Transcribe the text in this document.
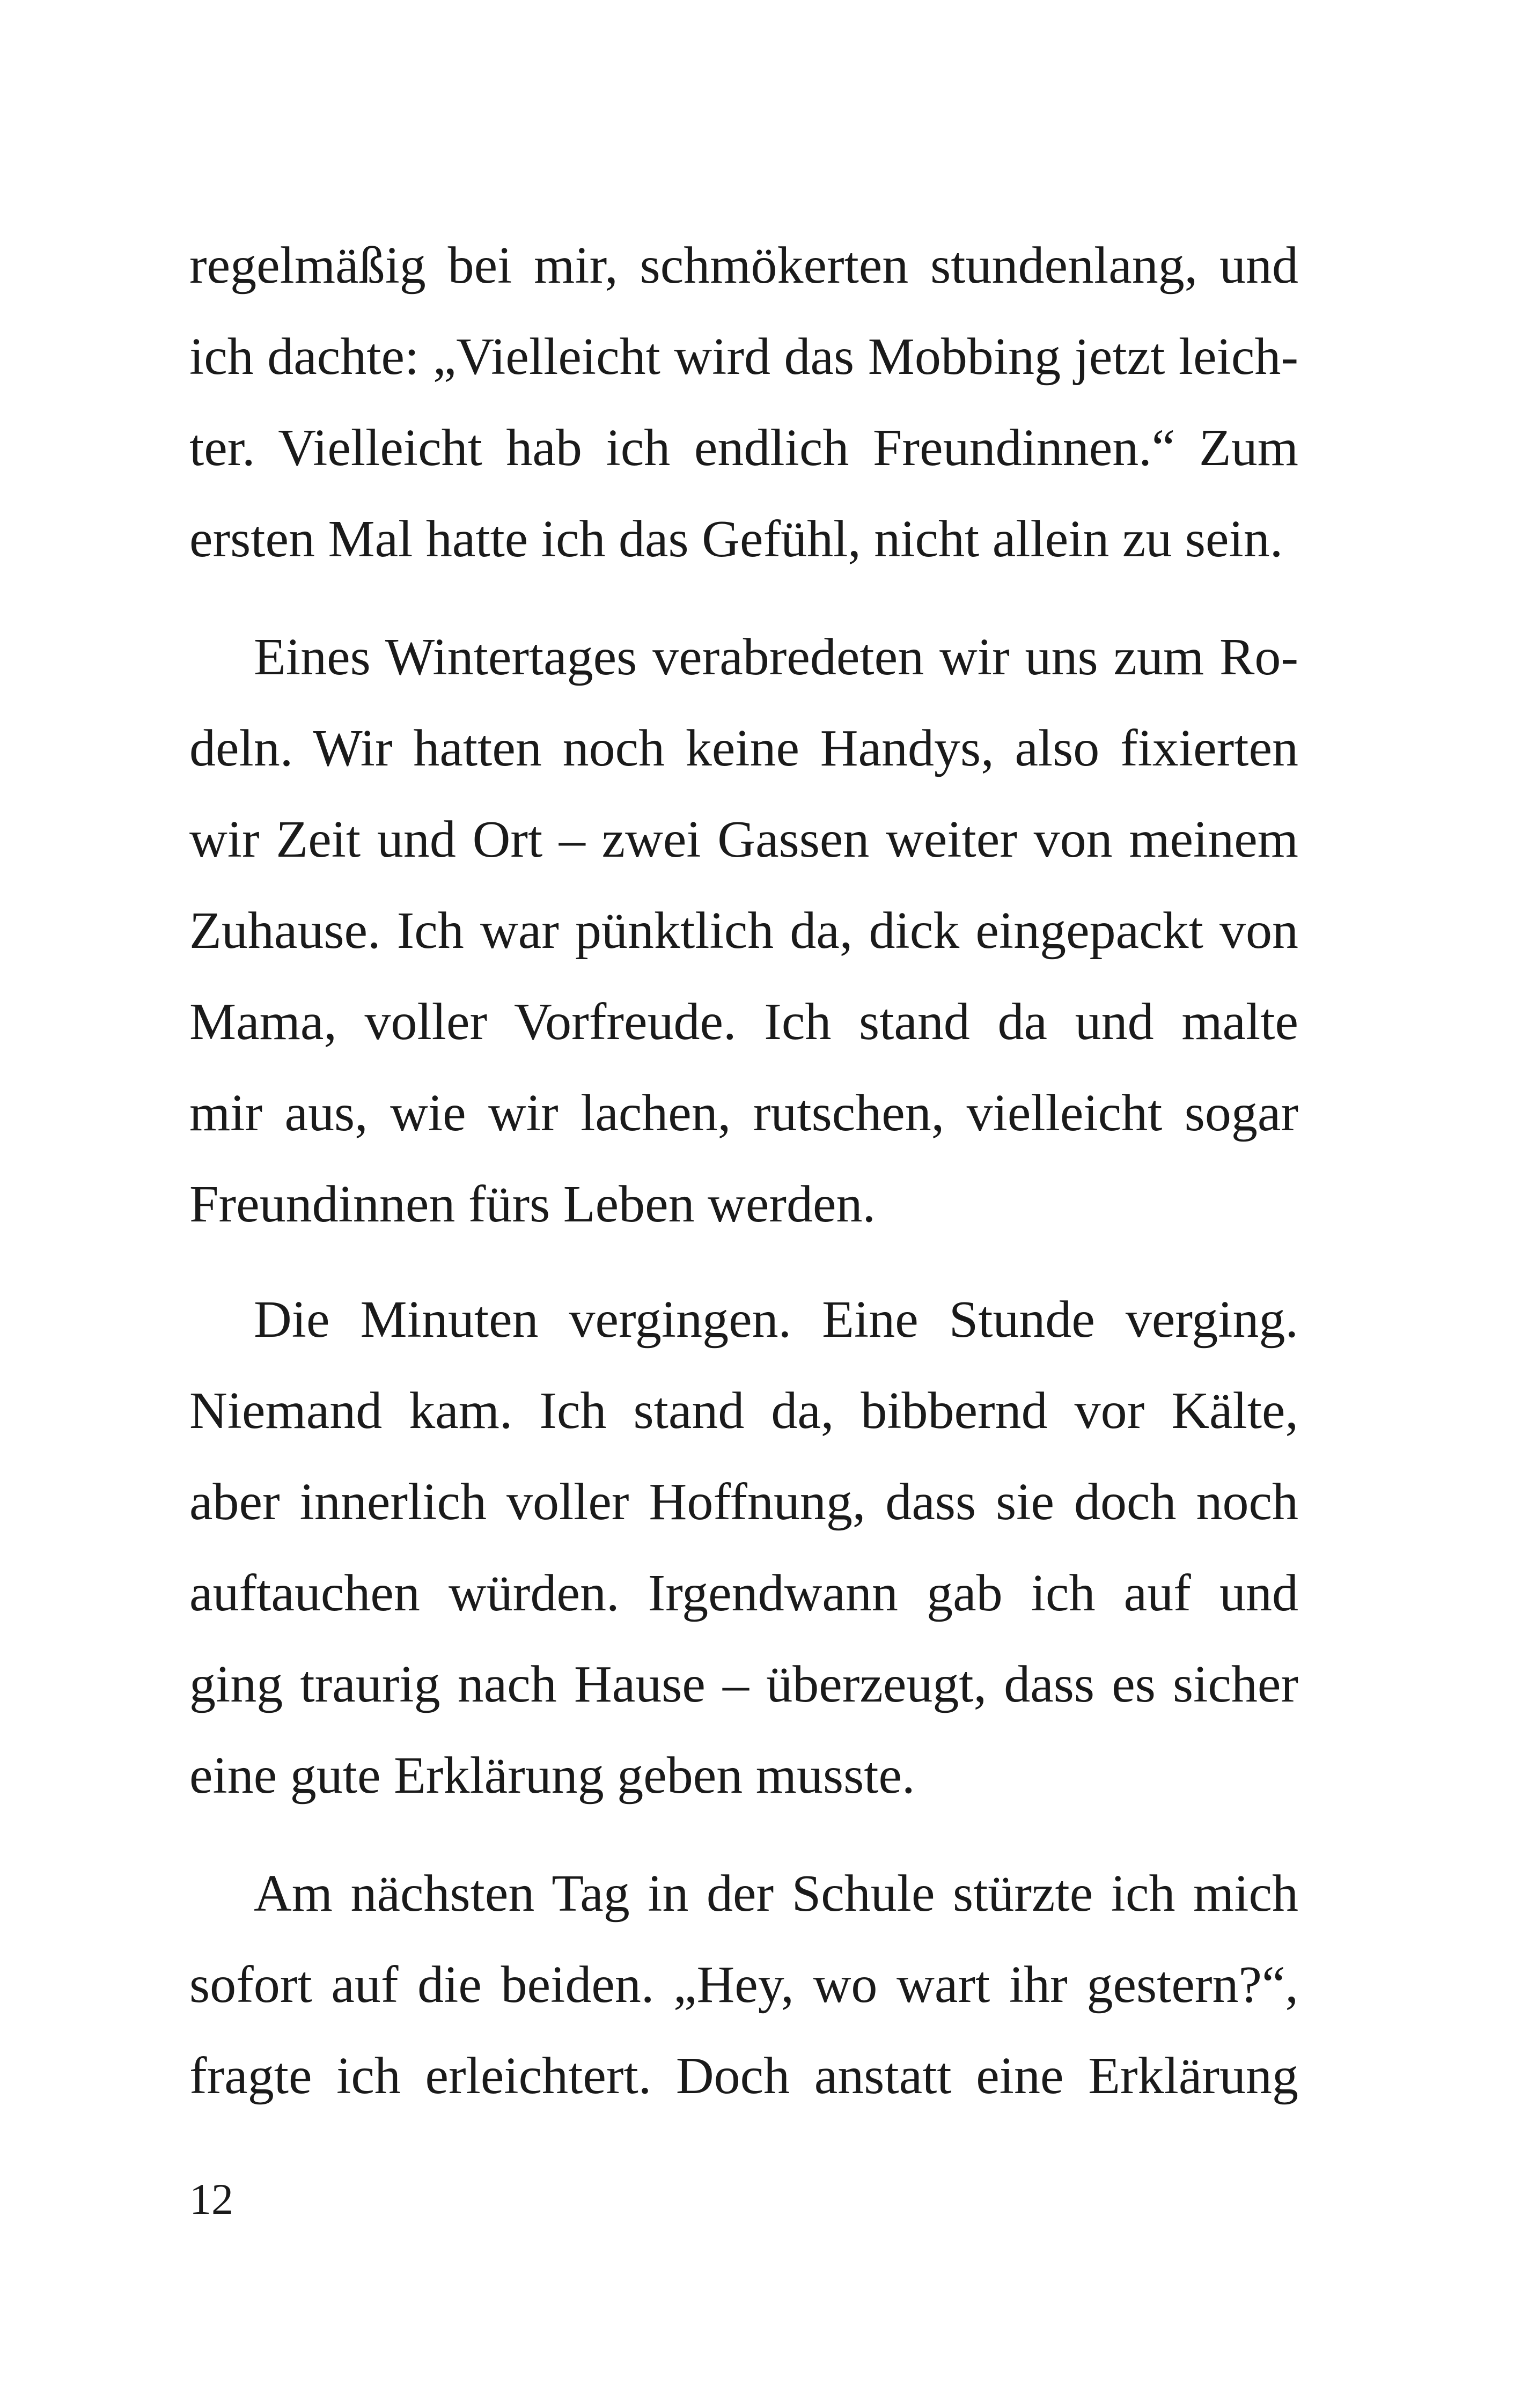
regelmäßig bei mir, schmökerten stundenlang, und
ich dachte: „Vielleicht wird das Mobbing jetzt leich-
ter. Vielleicht hab ich endlich Freundinnen.“ Zum
ersten Mal hatte ich das Gefühl, nicht allein zu sein.
Eines Wintertages verabredeten wir uns zum Ro-
deln. Wir hatten noch keine Handys, also fixierten
wir Zeit und Ort – zwei Gassen weiter von meinem
Zuhause. Ich war pünktlich da, dick eingepackt von
Mama, voller Vorfreude. Ich stand da und malte
mir aus, wie wir lachen, rutschen, vielleicht sogar
Freundinnen fürs Leben werden.
Die Minuten vergingen. Eine Stunde verging.
Niemand kam. Ich stand da, bibbernd vor Kälte,
aber innerlich voller Hoffnung, dass sie doch noch
auftauchen würden. Irgendwann gab ich auf und
ging traurig nach Hause – überzeugt, dass es sicher
eine gute Erklärung geben musste.
Am nächsten Tag in der Schule stürzte ich mich
sofort auf die beiden. „Hey, wo wart ihr gestern?“,
fragte ich erleichtert. Doch anstatt eine Erklärung
12
